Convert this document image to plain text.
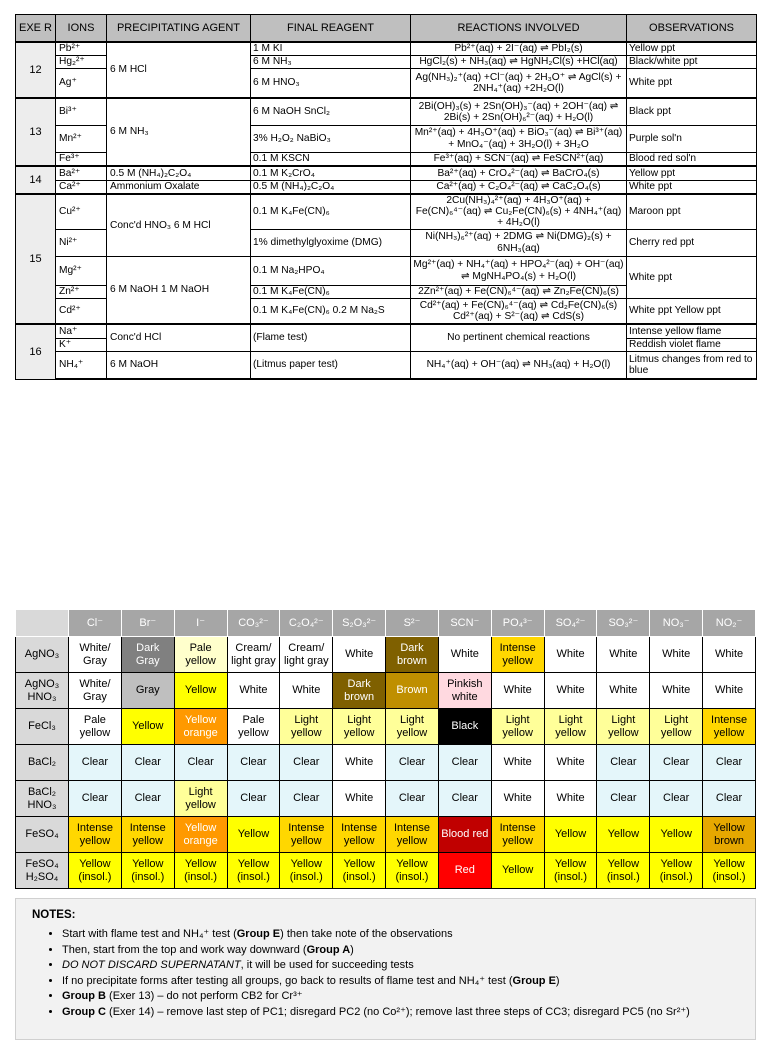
EXE R	IONS	PRECIPITATING AGENT	FINAL REAGENT	REACTIONS INVOLVED	OBSERVATIONS
12	Pb²⁺	6 M HCl	1 M KI	Pb²⁺(aq) + 2I⁻(aq) ⇌ PbI₂(s)	Yellow ppt
	Hg₂²⁺		6 M NH₃	HgCl₂(s) + NH₃(aq) ⇌ HgNH₂Cl(s) +HCl(aq)	Black/white ppt
	Ag⁺		6 M HNO₃	Ag(NH₃)₂⁺(aq) +Cl⁻(aq) + 2H₃O⁺ ⇌ AgCl(s) + 2NH₄⁺(aq) +2H₂O(l)	White ppt
13	Bi³⁺	6 M NH₃	6 M NaOH SnCl₂	2Bi(OH)₃(s) + 2Sn(OH)₃⁻(aq) + 2OH⁻(aq) ⇌ 2Bi(s) + 2Sn(OH)₆²⁻(aq) + H₂O(l)	Black ppt
	Mn²⁺		3% H₂O₂ NaBiO₃	Mn²⁺(aq) + 4H₃O⁺(aq) + BiO₃⁻(aq) ⇌ Bi³⁺(aq) + MnO₄⁻(aq) + 3H₂O(l) + 3H₂O	Purple sol'n
	Fe³⁺		0.1 M KSCN	Fe³⁺(aq) + SCN⁻(aq) ⇌ FeSCN²⁺(aq)	Blood red sol'n
14	Ba²⁺	0.5 M (NH₄)₂C₂O₄	0.1 M K₂CrO₄	Ba²⁺(aq) + CrO₄²⁻(aq) ⇌ BaCrO₄(s)	Yellow ppt
	Ca²⁺	Ammonium Oxalate	0.5 M (NH₄)₂C₂O₄	Ca²⁺(aq) + C₂O₄²⁻(aq) ⇌ CaC₂O₄(s)	White ppt
15	Cu²⁺	Conc'd HNO₃ 6 M HCl	0.1 M K₄Fe(CN)₆	2Cu(NH₃)₄²⁺(aq) + 4H₃O⁺(aq) + Fe(CN)₆⁴⁻(aq) ⇌ Cu₂Fe(CN)₆(s) + 4NH₄⁺(aq) + 4H₂O(l)	Maroon ppt
	Ni²⁺		1% dimethylglyoxime (DMG)	Ni(NH₃)₆²⁺(aq) + 2DMG ⇌ Ni(DMG)₂(s) + 6NH₃(aq)	Cherry red ppt
	Mg²⁺	6 M NaOH 1 M NaOH	0.1 M Na₂HPO₄	Mg²⁺(aq) + NH₄⁺(aq) + HPO₄²⁻(aq) + OH⁻(aq) ⇌ MgNH₄PO₄(s) + H₂O(l)	White ppt
	Zn²⁺		0.1 M K₄Fe(CN)₆	2Zn²⁺(aq) + Fe(CN)₆⁴⁻(aq) ⇌ Zn₂Fe(CN)₆(s)	
	Cd²⁺		0.1 M K₄Fe(CN)₆ 0.2 M Na₂S	Cd²⁺(aq) + Fe(CN)₆⁴⁻(aq) ⇌ Cd₂Fe(CN)₆(s) Cd²⁺(aq) + S²⁻(aq) ⇌ CdS(s)	White ppt Yellow ppt
16	Na⁺	Conc'd HCl	(Flame test)	No pertinent chemical reactions	Intense yellow flame
	K⁺				Reddish violet flame
	NH₄⁺	6 M NaOH	(Litmus paper test)	NH₄⁺(aq) + OH⁻(aq) ⇌ NH₃(aq) + H₂O(l)	Litmus changes from red to blue
	Cl⁻	Br⁻	I⁻	CO₃²⁻	C₂O₄²⁻	S₂O₃²⁻	S²⁻	SCN⁻	PO₄³⁻	SO₄²⁻	SO₃²⁻	NO₃⁻	NO₂⁻
AgNO₃	White/ Gray	Dark Gray	Pale yellow	Cream/ light gray	Cream/ light gray	White	Dark brown	White	Intense yellow	White	White	White	White
AgNO₃ HNO₃	White/ Gray	Gray	Yellow	White	White	Dark brown	Brown	Pinkish white	White	White	White	White	White
FeCl₃	Pale yellow	Yellow	Yellow orange	Pale yellow	Light yellow	Light yellow	Light yellow	Black	Light yellow	Light yellow	Light yellow	Light yellow	Intense yellow
BaCl₂	Clear	Clear	Clear	Clear	Clear	White	Clear	Clear	White	White	Clear	Clear	Clear
BaCl₂ HNO₃	Clear	Clear	Light yellow	Clear	Clear	White	Clear	Clear	White	White	Clear	Clear	Clear
FeSO₄	Intense yellow	Intense yellow	Yellow orange	Yellow	Intense yellow	Intense yellow	Intense yellow	Blood red	Intense yellow	Yellow	Yellow	Yellow	Yellow brown
FeSO₄ H₂SO₄	Yellow (insol.)	Yellow (insol.)	Yellow (insol.)	Yellow (insol.)	Yellow (insol.)	Yellow (insol.)	Yellow (insol.)	Red	Yellow	Yellow (insol.)	Yellow (insol.)	Yellow (insol.)	Yellow (insol.)
NOTES:
• Start with flame test and NH₄⁺ test (Group E) then take note of the observations
• Then, start from the top and work way downward (Group A)
• DO NOT DISCARD SUPERNATANT, it will be used for succeeding tests
• If no precipitate forms after testing all groups, go back to results of flame test and NH₄⁺ test (Group E)
• Group B (Exer 13) – do not perform CB2 for Cr³⁺
• Group C (Exer 14) – remove last step of PC1; disregard PC2 (no Co²⁺); remove last three steps of CC3; disregard PC5 (no Sr²⁺)
